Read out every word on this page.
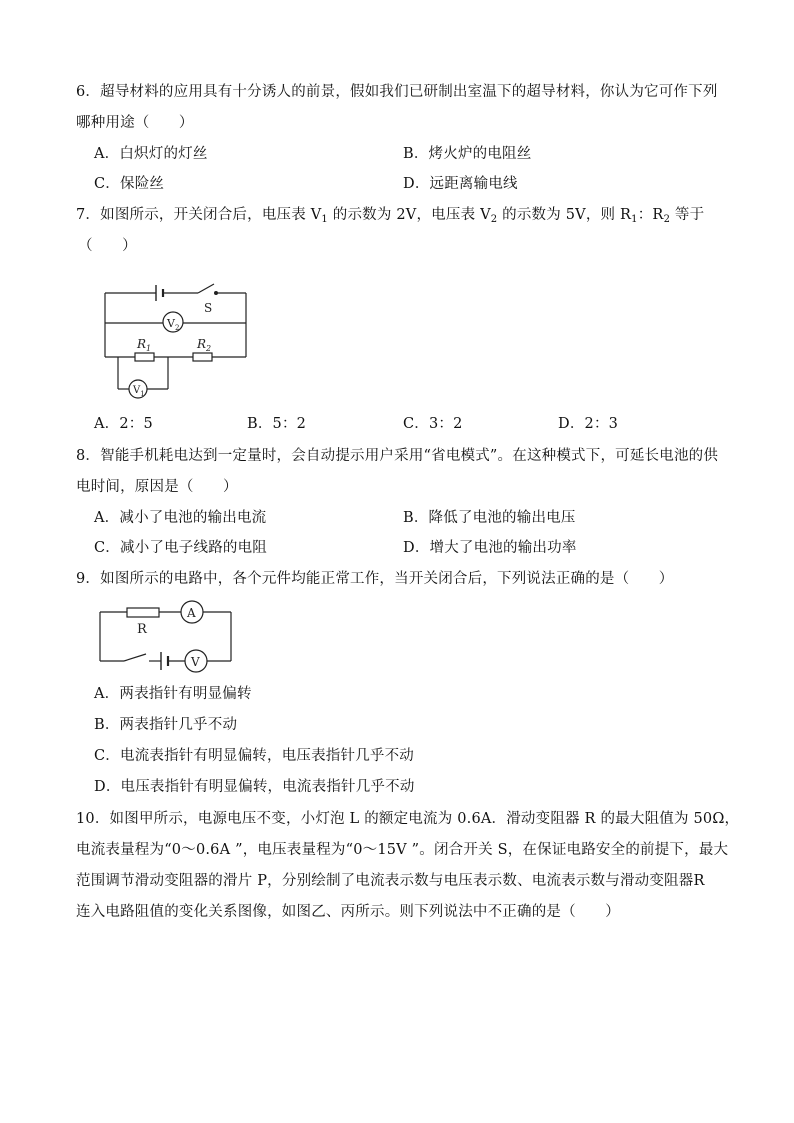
6．超导材料的应用具有十分诱人的前景，假如我们已研制出室温下的超导材料，你认为它可作下列
哪种用途（　　）
A．白炽灯的灯丝	B．烤火炉的电阻丝
C．保险丝	D．远距离输电线
7．如图所示，开关闭合后，电压表 $V_1$ 的示数为 2V，电压表 $V_2$ 的示数为 5V，则 $R_1$：$R_2$ 等于
（　　）
S
$V_2$
$R_1$	$R_2$
$V_1$
A．2：5	B．5：2	C．3：2	D．2：3
8．智能手机耗电达到一定量时，会自动提示用户采用“省电模式”。在这种模式下，可延长电池的供
电时间，原因是（　　）
A．减小了电池的输出电流	B．降低了电池的输出电压
C．减小了电子线路的电阻	D．增大了电池的输出功率
9．如图所示的电路中，各个元件均能正常工作，当开关闭合后，下列说法正确的是（　　）
R
A
V
A．两表指针有明显偏转
B．两表指针几乎不动
C．电流表指针有明显偏转，电压表指针几乎不动
D．电压表指针有明显偏转，电流表指针几乎不动
10．如图甲所示，电源电压不变，小灯泡 L 的额定电流为 0.6A．滑动变阻器 R 的最大阻值为 50Ω，
电流表量程为“0～0.6A ”，电压表量程为“0～15V ”。闭合开关 S，在保证电路安全的前提下，最大
范围调节滑动变阻器的滑片 P，分别绘制了电流表示数与电压表示数、电流表示数与滑动变阻器R
连入电路阻值的变化关系图像，如图乙、丙所示。则下列说法中不正确的是（　　）
